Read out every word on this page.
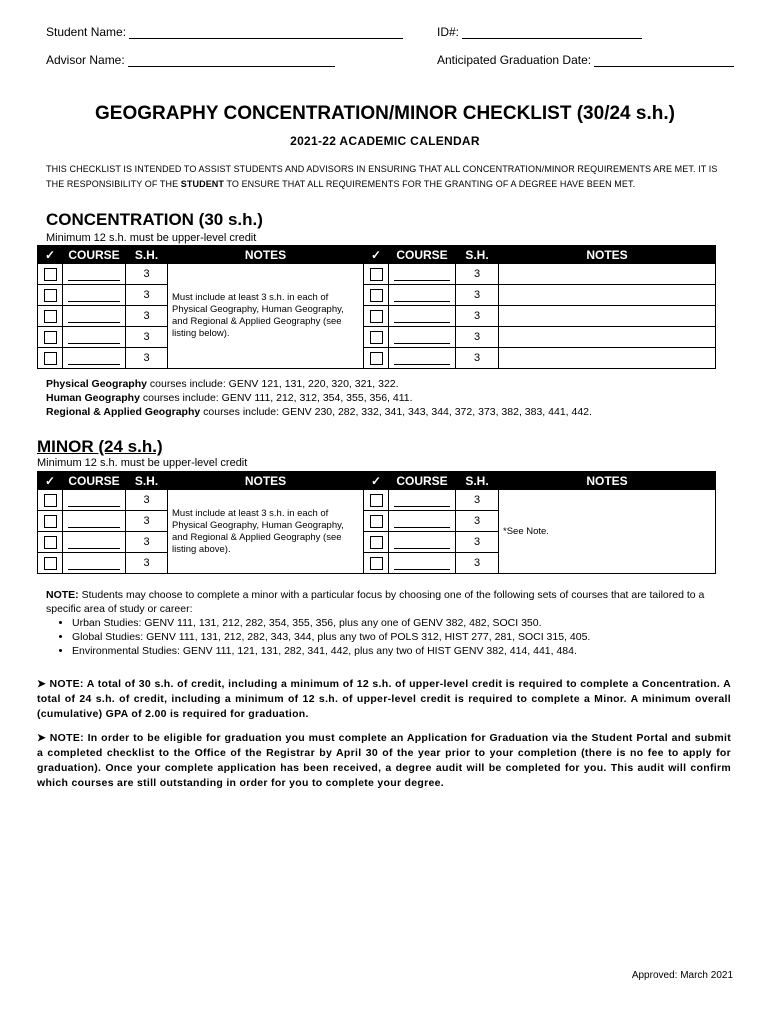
Student Name:	ID#:
Advisor Name:	Anticipated Graduation Date:
GEOGRAPHY CONCENTRATION/MINOR CHECKLIST (30/24 s.h.)
2021-22 ACADEMIC CALENDAR
THIS CHECKLIST IS INTENDED TO ASSIST STUDENTS AND ADVISORS IN ENSURING THAT ALL CONCENTRATION/MINOR REQUIREMENTS ARE MET. IT IS THE RESPONSIBILITY OF THE STUDENT TO ENSURE THAT ALL REQUIREMENTS FOR THE GRANTING OF A DEGREE HAVE BEEN MET.
CONCENTRATION (30 s.h.)
Minimum 12 s.h. must be upper-level credit
✓	COURSE	S.H.	NOTES	✓	COURSE	S.H.	NOTES

	3	Must include at least 3 s.h. in each of Physical Geography, Human Geography, and Regional & Applied Geography (see listing below).			3	

	3				3	

	3				3	

	3				3	

	3				3	
Physical Geography courses include: GENV 121, 131, 220, 320, 321, 322.
Human Geography courses include: GENV 111, 212, 312, 354, 355, 356, 411.
Regional & Applied Geography courses include: GENV 230, 282, 332, 341, 343, 344, 372, 373, 382, 383, 441, 442.
MINOR (24 s.h.)
Minimum 12 s.h. must be upper-level credit
✓	COURSE	S.H.	NOTES	✓	COURSE	S.H.	NOTES

	3	Must include at least 3 s.h. in each of Physical Geography, Human Geography, and Regional & Applied Geography (see listing above).			3	*See Note.

	3				3	

	3				3	

	3				3	
NOTE: Students may choose to complete a minor with a particular focus by choosing one of the following sets of courses that are tailored to a specific area of study or career:
• Urban Studies: GENV 111, 131, 212, 282, 354, 355, 356, plus any one of GENV 382, 482, SOCI 350.
• Global Studies: GENV 111, 131, 212, 282, 343, 344, plus any two of POLS 312, HIST 277, 281, SOCI 315, 405.
• Environmental Studies: GENV 111, 121, 131, 282, 341, 442, plus any two of HIST GENV 382, 414, 441, 484.
➤ NOTE: A total of 30 s.h. of credit, including a minimum of 12 s.h. of upper-level credit is required to complete a Concentration. A total of 24 s.h. of credit, including a minimum of 12 s.h. of upper-level credit is required to complete a Minor. A minimum overall (cumulative) GPA of 2.00 is required for graduation.
➤ NOTE: In order to be eligible for graduation you must complete an Application for Graduation via the Student Portal and submit a completed checklist to the Office of the Registrar by April 30 of the year prior to your completion (there is no fee to apply for graduation). Once your complete application has been received, a degree audit will be completed for you. This audit will confirm which courses are still outstanding in order for you to complete your degree.
Approved: March 2021
